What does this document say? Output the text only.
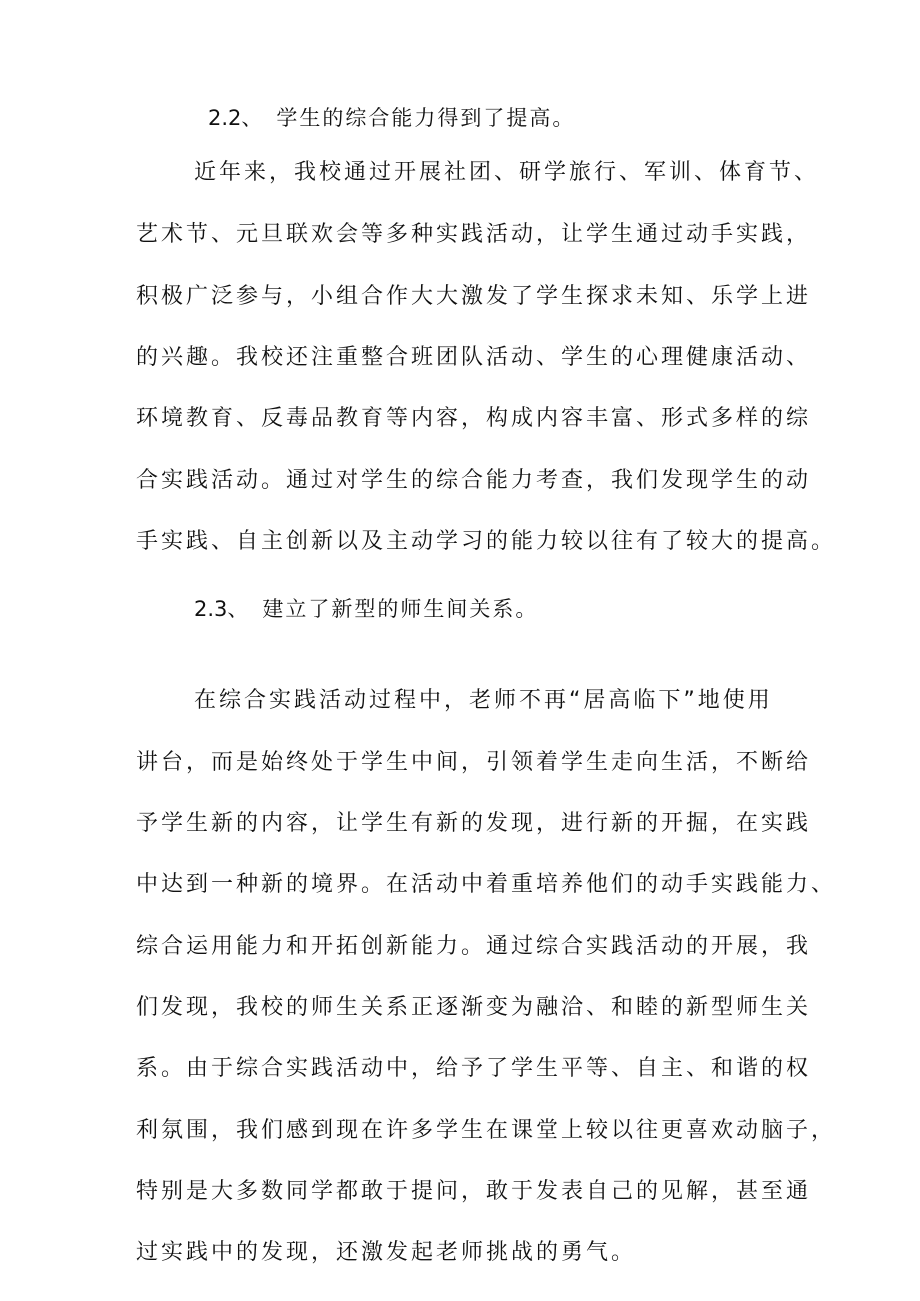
2.2、 学生的综合能力得到了提高。
近年来，我校通过开展社团、研学旅行、军训、体育节、
艺术节、元旦联欢会等多种实践活动，让学生通过动手实践，
积极广泛参与，小组合作大大激发了学生探求未知、乐学上进
的兴趣。我校还注重整合班团队活动、学生的心理健康活动、
环境教育、反毒品教育等内容，构成内容丰富、形式多样的综
合实践活动。通过对学生的综合能力考查，我们发现学生的动
手实践、自主创新以及主动学习的能力较以往有了较大的提高。
2.3、 建立了新型的师生间关系。
在综合实践活动过程中，老师不再“居高临下”地使用
讲台，而是始终处于学生中间，引领着学生走向生活，不断给
予学生新的内容，让学生有新的发现，进行新的开掘，在实践
中达到一种新的境界。在活动中着重培养他们的动手实践能力、
综合运用能力和开拓创新能力。通过综合实践活动的开展，我
们发现，我校的师生关系正逐渐变为融洽、和睦的新型师生关
系。由于综合实践活动中，给予了学生平等、自主、和谐的权
利氛围，我们感到现在许多学生在课堂上较以往更喜欢动脑子，
特别是大多数同学都敢于提问，敢于发表自己的见解，甚至通
过实践中的发现，还激发起老师挑战的勇气。
